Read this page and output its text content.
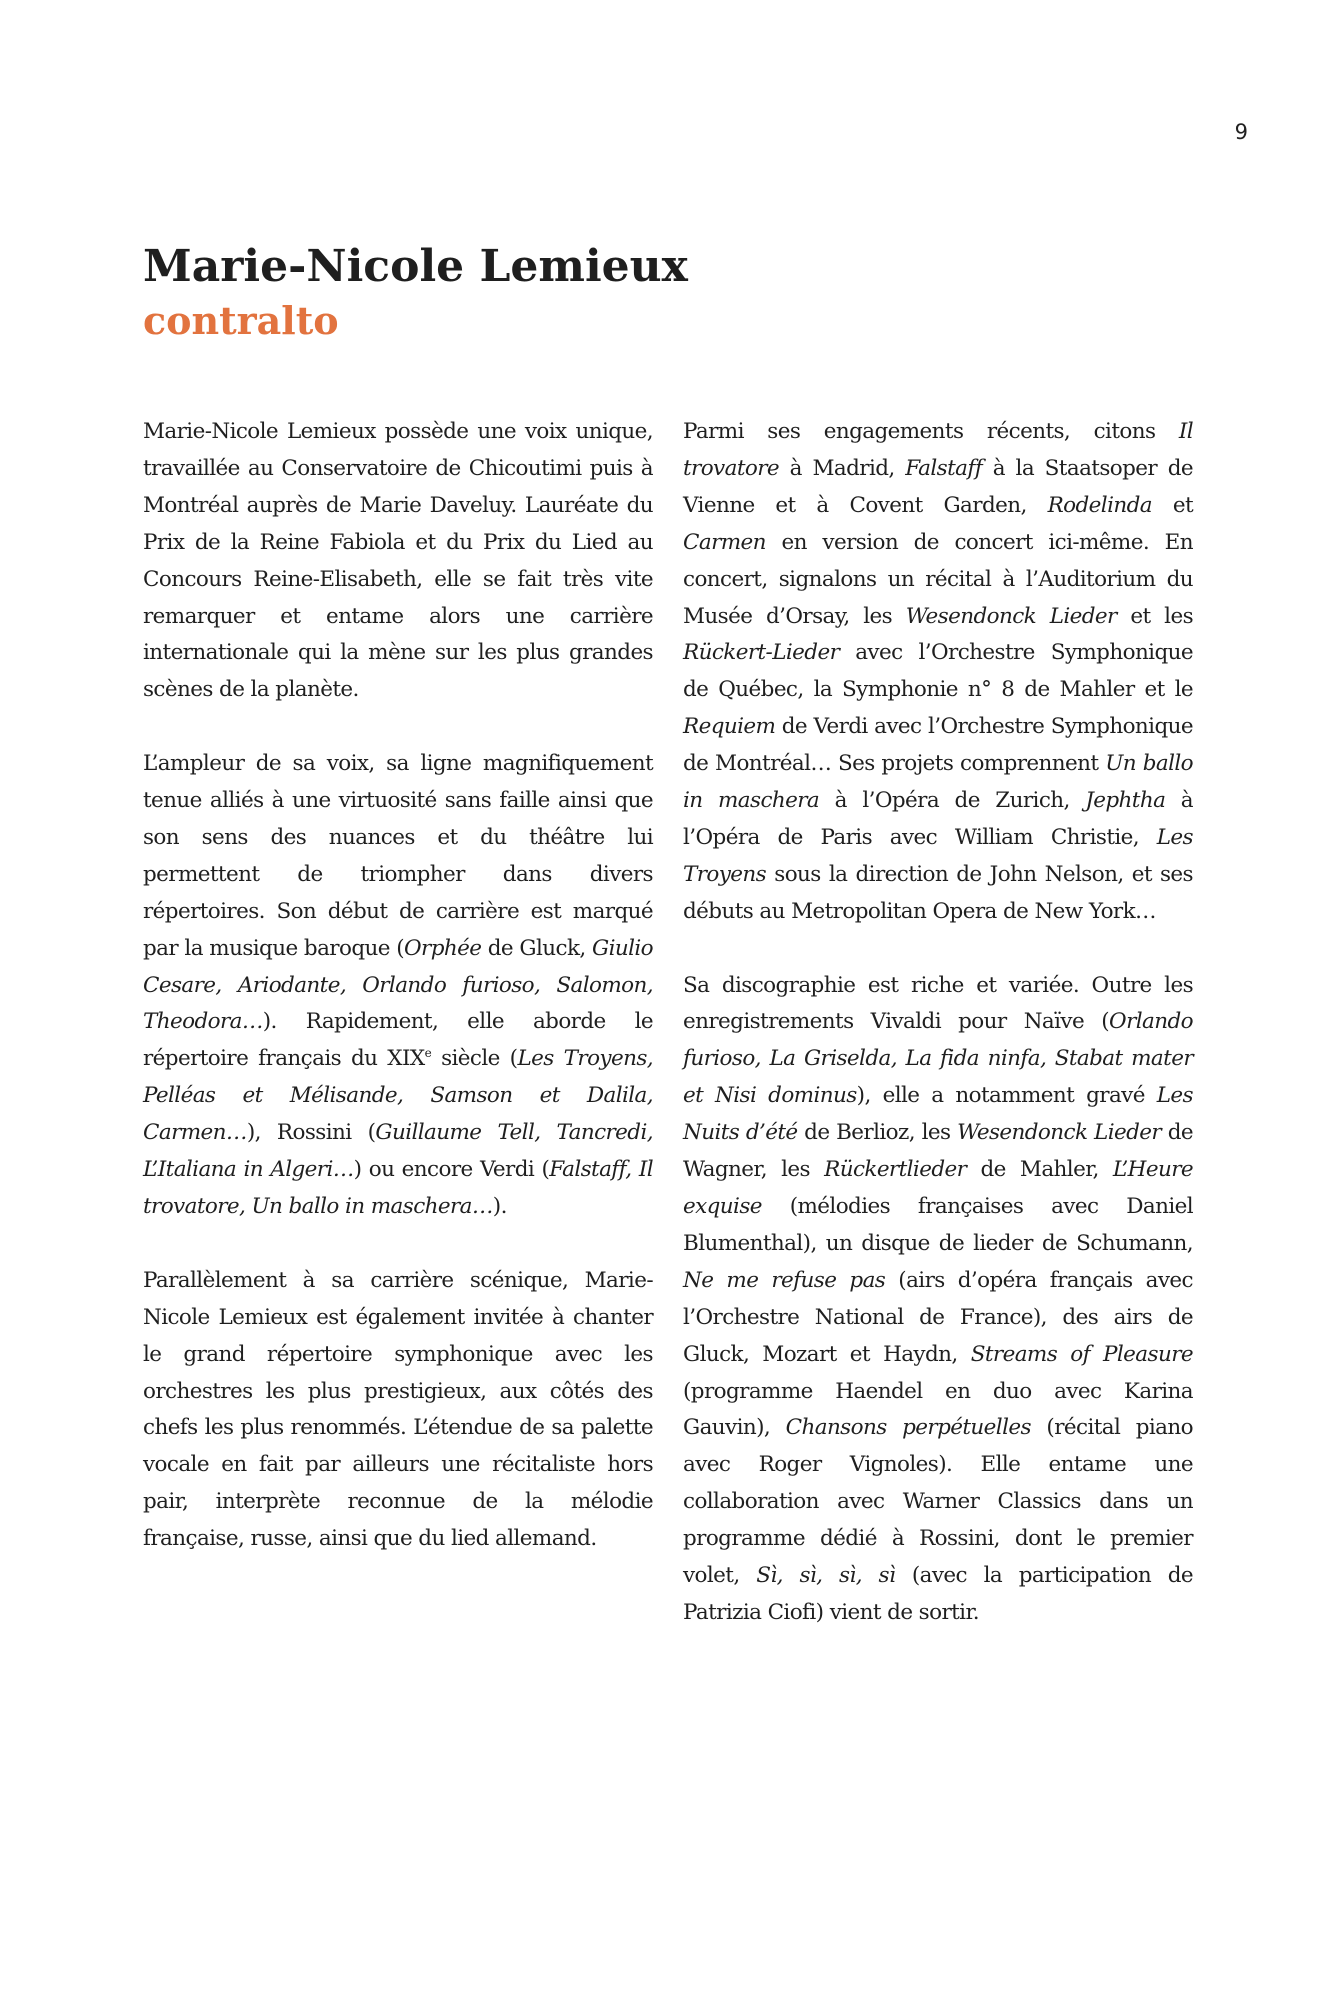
9
Marie-Nicole Lemieux
contralto

Marie-Nicole Lemieux possède une voix unique, travaillée au Conservatoire de Chicoutimi puis à Montréal auprès de Marie Daveluy. Lauréate du Prix de la Reine Fabiola et du Prix du Lied au Concours Reine-Elisabeth, elle se fait très vite remarquer et entame alors une carrière internationale qui la mène sur les plus grandes scènes de la planète.

L’ampleur de sa voix, sa ligne magnifiquement tenue alliés à une virtuosité sans faille ainsi que son sens des nuances et du théâtre lui permettent de triompher dans divers répertoires. Son début de carrière est marqué par la musique baroque (Orphée de Gluck, Giulio Cesare, Ariodante, Orlando furioso, Salomon, Theodora…). Rapidement, elle aborde le répertoire français du XIXe siècle (Les Troyens, Pelléas et Mélisande, Samson et Dalila, Carmen…), Rossini (Guillaume Tell, Tancredi, L’Italiana in Algeri…) ou encore Verdi (Falstaff, Il trovatore, Un ballo in maschera…).

Parallèlement à sa carrière scénique, Marie-Nicole Lemieux est également invitée à chanter le grand répertoire symphonique avec les orchestres les plus prestigieux, aux côtés des chefs les plus renommés. L’étendue de sa palette vocale en fait par ailleurs une récitaliste hors pair, interprète reconnue de la mélodie française, russe, ainsi que du lied allemand.

Parmi ses engagements récents, citons Il trovatore à Madrid, Falstaff à la Staatsoper de Vienne et à Covent Garden, Rodelinda et Carmen en version de concert ici-même. En concert, signalons un récital à l’Auditorium du Musée d’Orsay, les Wesendonck Lieder et les Rückert-Lieder avec l’Orchestre Symphonique de Québec, la Symphonie n° 8 de Mahler et le Requiem de Verdi avec l’Orchestre Symphonique de Montréal… Ses projets comprennent Un ballo in maschera à l’Opéra de Zurich, Jephtha à l’Opéra de Paris avec William Christie, Les Troyens sous la direction de John Nelson, et ses débuts au Metropolitan Opera de New York…

Sa discographie est riche et variée. Outre les enregistrements Vivaldi pour Naïve (Orlando furioso, La Griselda, La fida ninfa, Stabat mater et Nisi dominus), elle a notamment gravé Les Nuits d’été de Berlioz, les Wesendonck Lieder de Wagner, les Rückertlieder de Mahler, L’Heure exquise (mélodies françaises avec Daniel Blumenthal), un disque de lieder de Schumann, Ne me refuse pas (airs d’opéra français avec l’Orchestre National de France), des airs de Gluck, Mozart et Haydn, Streams of Pleasure (programme Haendel en duo avec Karina Gauvin), Chansons perpétuelles (récital piano avec Roger Vignoles). Elle entame une collaboration avec Warner Classics dans un programme dédié à Rossini, dont le premier volet, Sì, sì, sì, sì (avec la participation de Patrizia Ciofi) vient de sortir.
